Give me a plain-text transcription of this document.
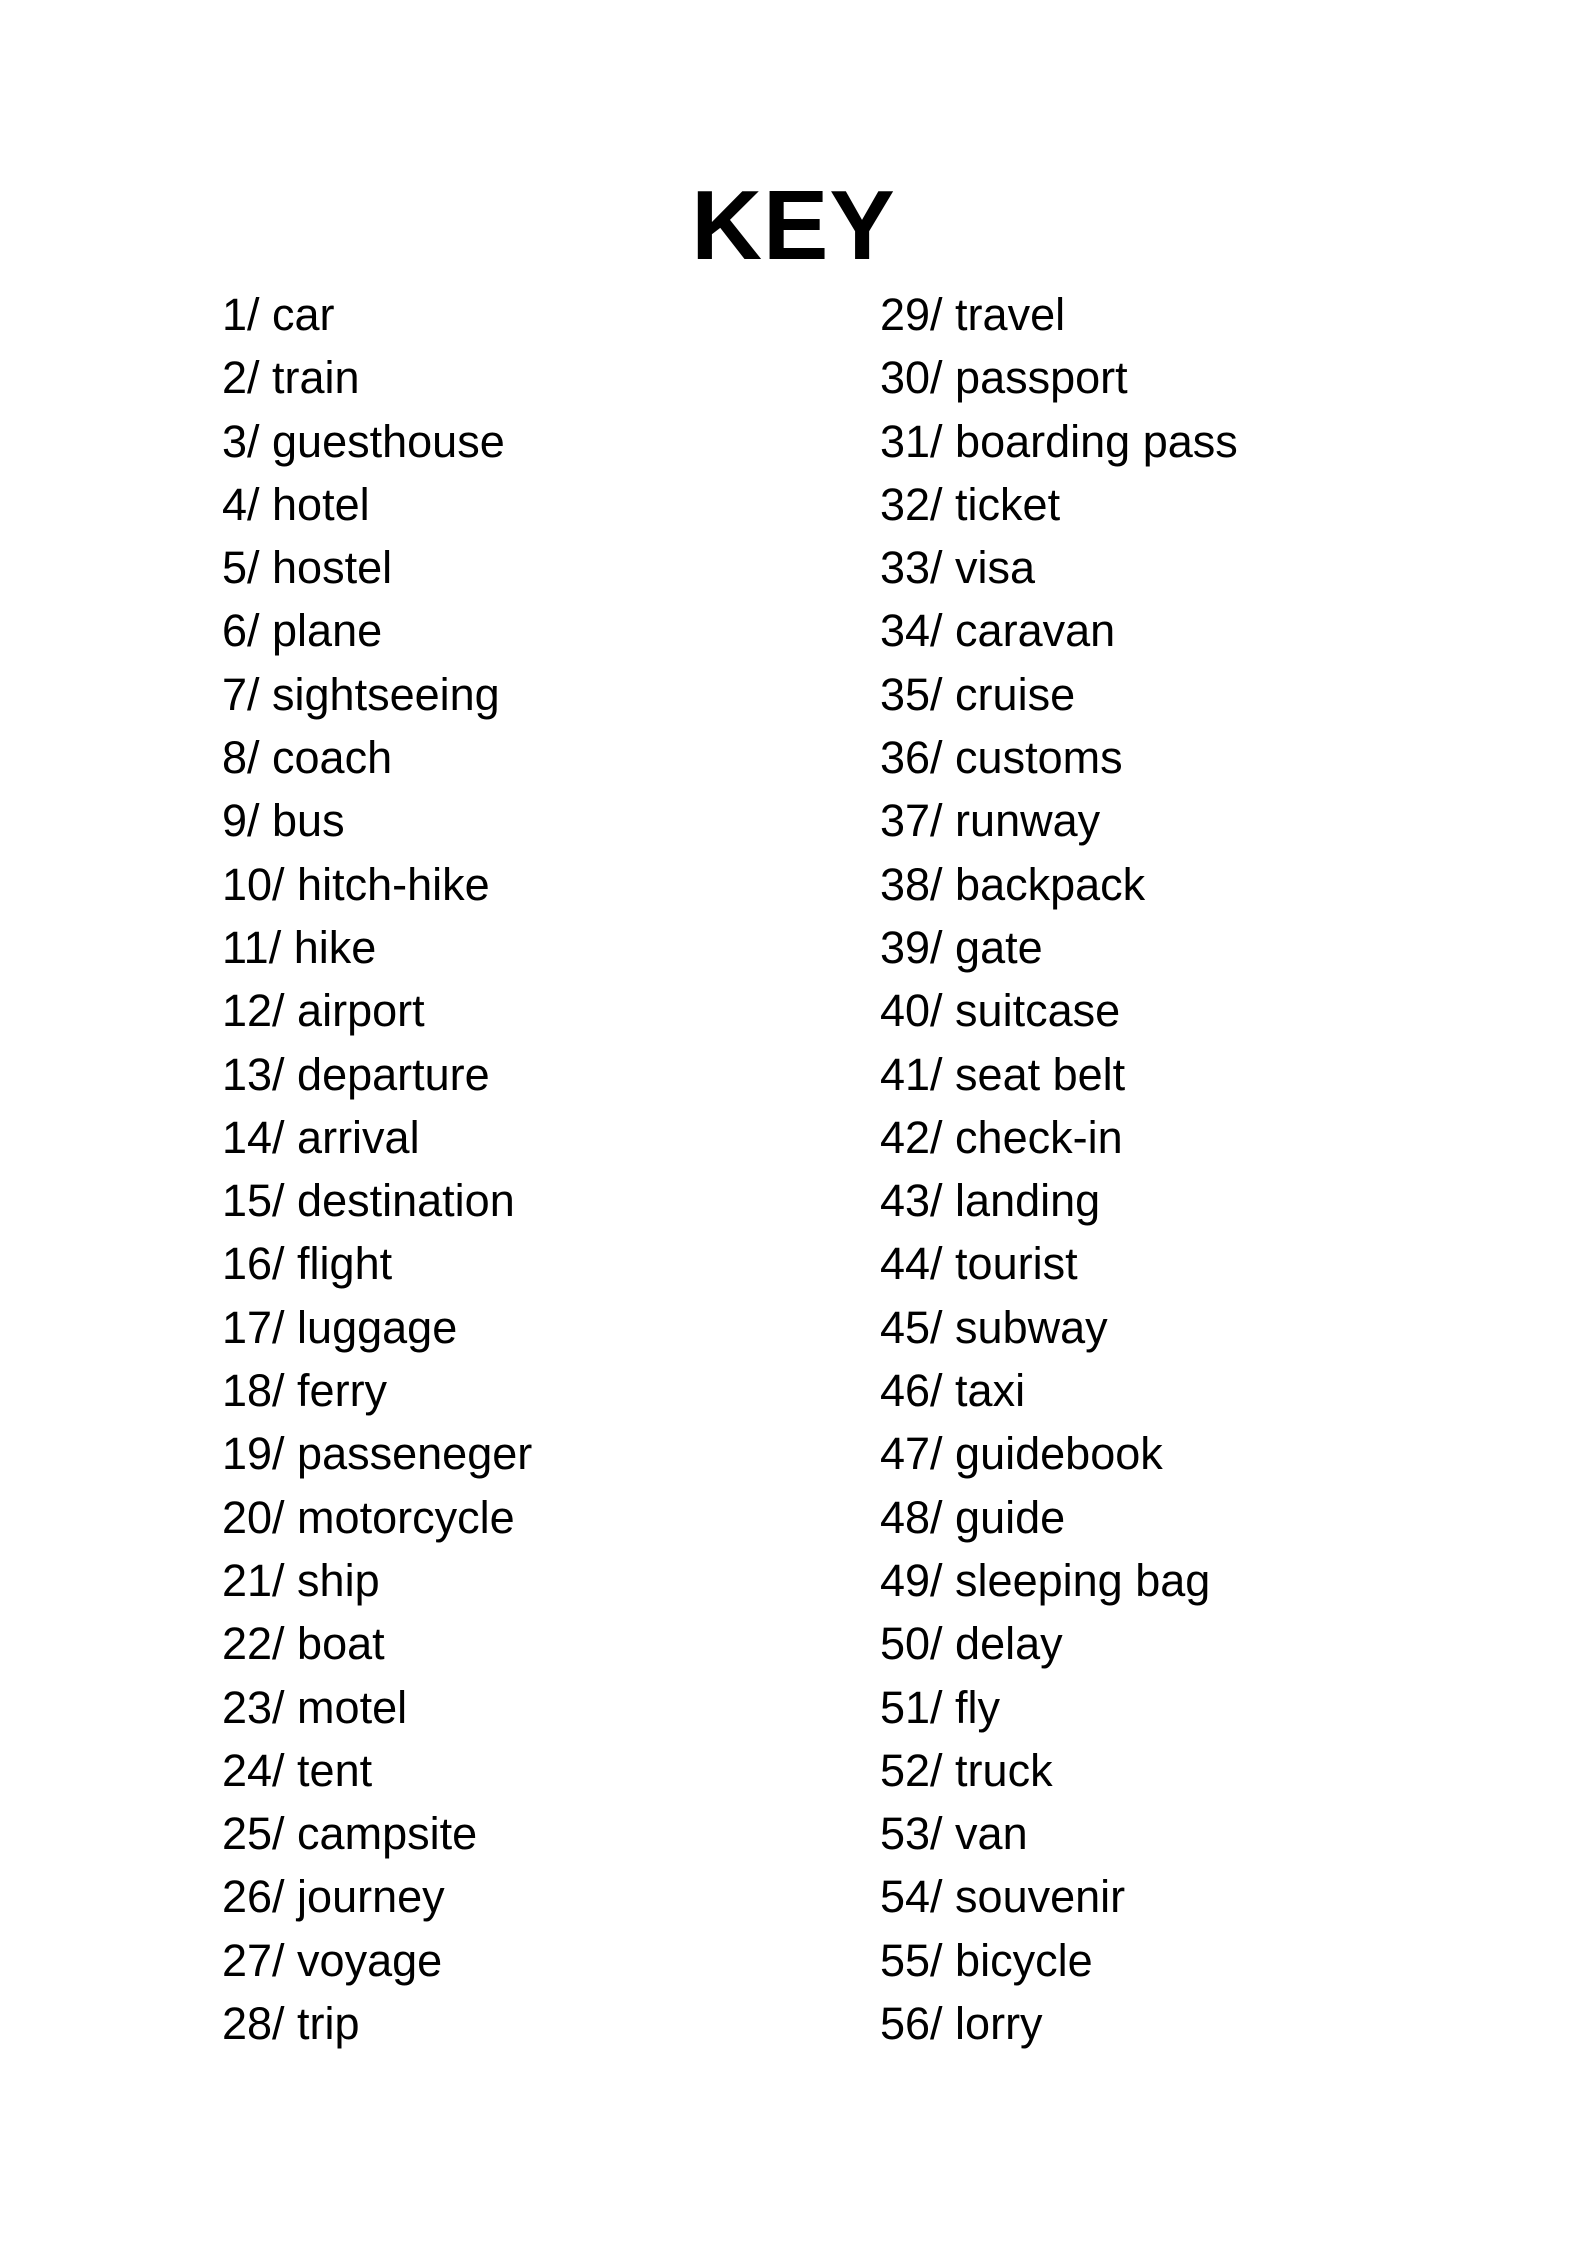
KEY
1/ car
2/ train
3/ guesthouse
4/ hotel
5/ hostel
6/ plane
7/ sightseeing
8/ coach
9/ bus
10/ hitch-hike
11/ hike
12/ airport
13/ departure
14/ arrival
15/ destination
16/ flight
17/ luggage
18/ ferry
19/ passeneger
20/ motorcycle
21/ ship
22/ boat
23/ motel
24/ tent
25/ campsite
26/ journey
27/ voyage
28/ trip
29/ travel
30/ passport
31/ boarding pass
32/ ticket
33/ visa
34/ caravan
35/ cruise
36/ customs
37/ runway
38/ backpack
39/ gate
40/ suitcase
41/ seat belt
42/ check-in
43/ landing
44/ tourist
45/ subway
46/ taxi
47/ guidebook
48/ guide
49/ sleeping bag
50/ delay
51/ fly
52/ truck
53/ van
54/ souvenir
55/ bicycle
56/ lorry
